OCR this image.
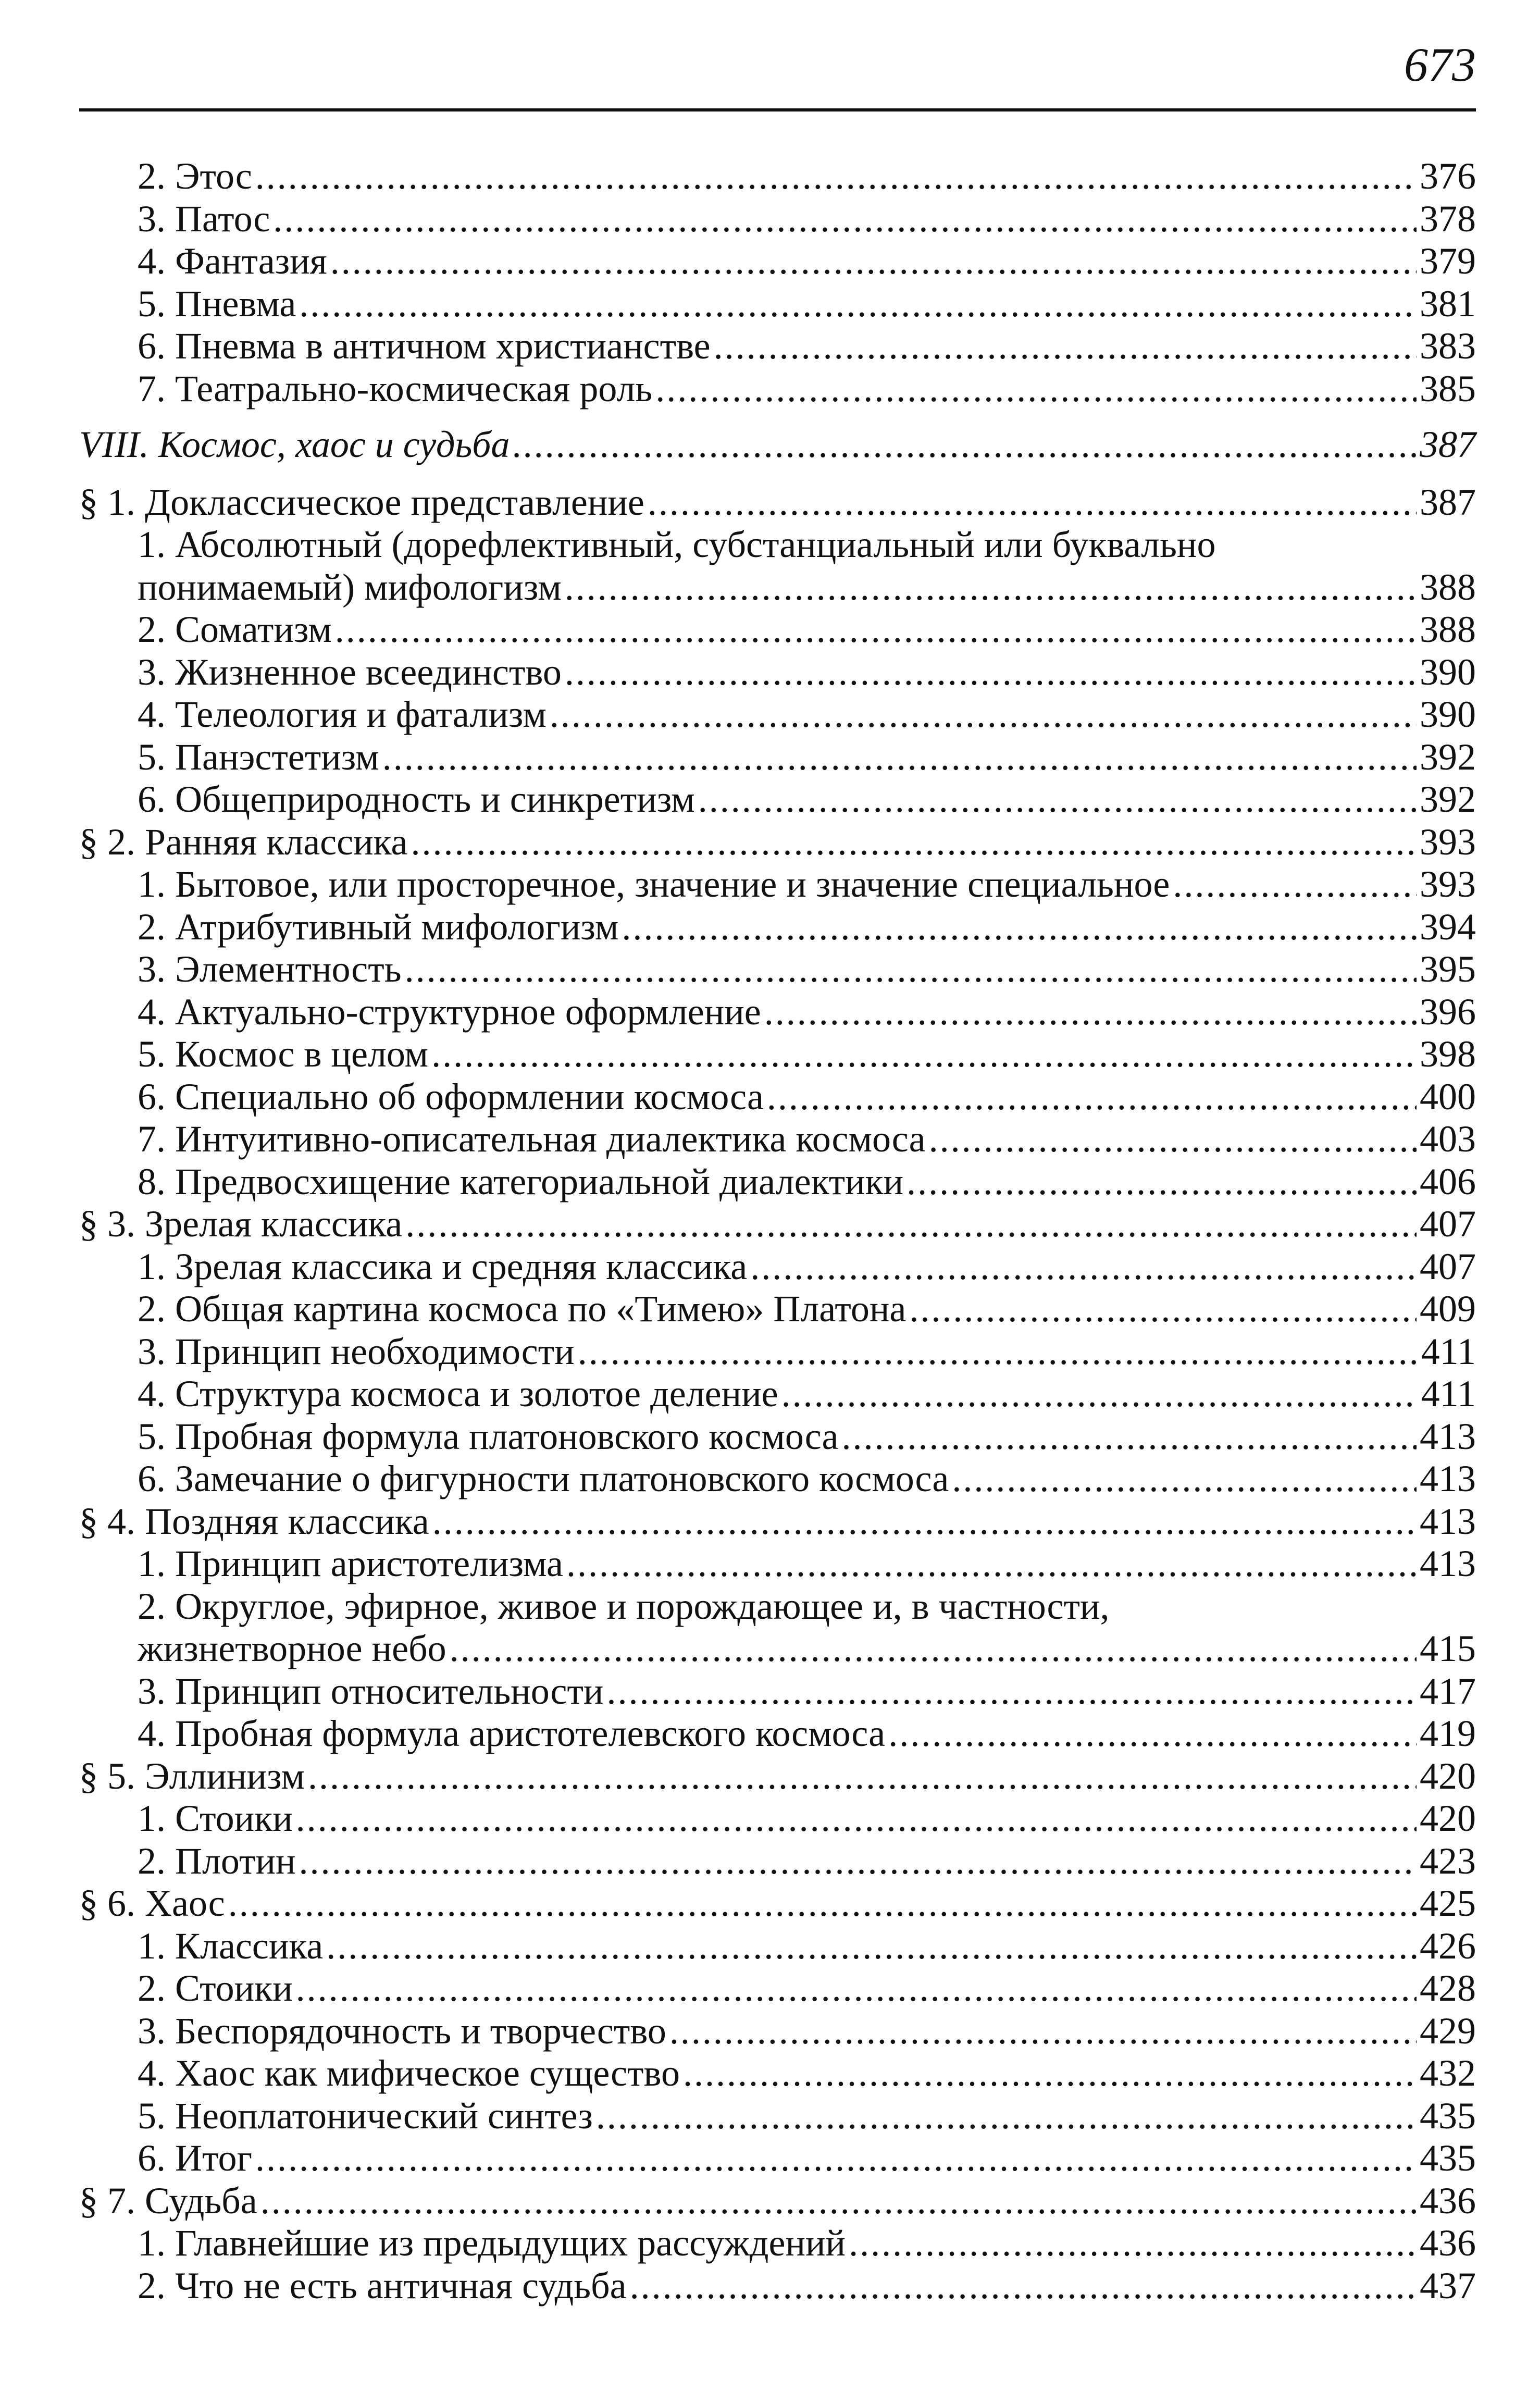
673
2. Этос .....	376
3. Патос .....	378
4. Фантазия .....	379
5. Пневма .....	381
6. Пневма в античном христианстве .....	383
7. Театрально-космическая роль .....	385
VIII. Космос, хаос и судьба .....	387
§ 1. Доклассическое представление .....	387
1. Абсолютный (дорефлективный, субстанциальный или буквально
понимаемый) мифологизм .....	388
2. Соматизм .....	388
3. Жизненное всеединство .....	390
4. Телеология и фатализм .....	390
5. Панэстетизм .....	392
6. Общеприродность и синкретизм .....	392
§ 2. Ранняя классика .....	393
1. Бытовое, или просторечное, значение и значение специальное .....	393
2. Атрибутивный мифологизм .....	394
3. Элементность .....	395
4. Актуально-структурное оформление .....	396
5. Космос в целом .....	398
6. Специально об оформлении космоса .....	400
7. Интуитивно-описательная диалектика космоса .....	403
8. Предвосхищение категориальной диалектики .....	406
§ 3. Зрелая классика .....	407
1. Зрелая классика и средняя классика .....	407
2. Общая картина космоса по «Тимею» Платона .....	409
3. Принцип необходимости .....	411
4. Структура космоса и золотое деление .....	411
5. Пробная формула платоновского космоса .....	413
6. Замечание о фигурности платоновского космоса .....	413
§ 4. Поздняя классика .....	413
1. Принцип аристотелизма .....	413
2. Округлое, эфирное, живое и порождающее и, в частности,
жизнетворное небо .....	415
3. Принцип относительности .....	417
4. Пробная формула аристотелевского космоса .....	419
§ 5. Эллинизм .....	420
1. Стоики .....	420
2. Плотин .....	423
§ 6. Хаос .....	425
1. Классика .....	426
2. Стоики .....	428
3. Беспорядочность и творчество .....	429
4. Хаос как мифическое существо .....	432
5. Неоплатонический синтез .....	435
6. Итог .....	435
§ 7. Судьба .....	436
1. Главнейшие из предыдущих рассуждений .....	436
2. Что не есть античная судьба .....	437
